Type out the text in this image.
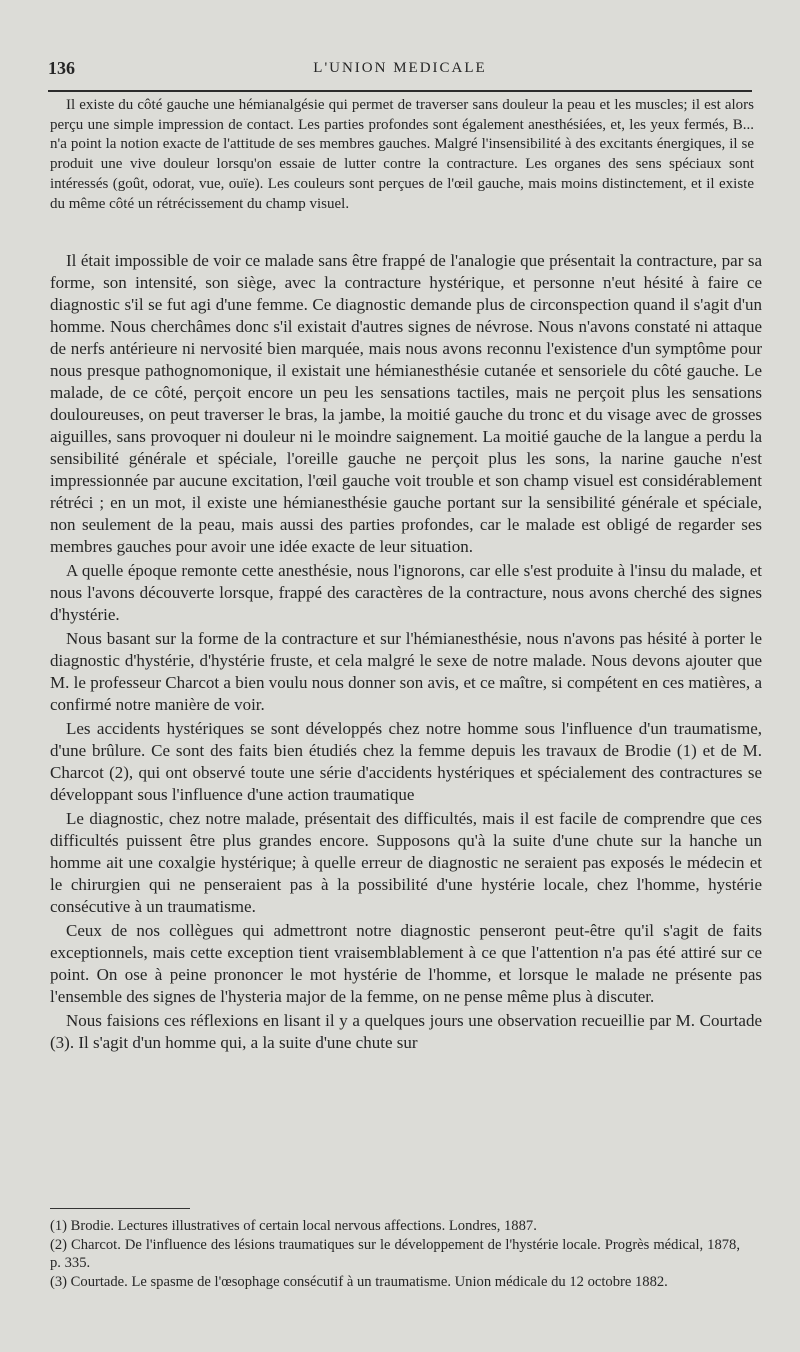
136	L'UNION MEDICALE

Il existe du côté gauche une hémianalgésie qui permet de traverser sans douleur la peau et les muscles; il est alors perçu une simple impression de contact. Les parties profondes sont également anesthésiées, et, les yeux fermés, B... n'a point la notion exacte de l'attitude de ses membres gauches. Malgré l'insensibilité à des excitants énergiques, il se produit une vive douleur lorsqu'on essaie de lutter contre la contracture. Les organes des sens spéciaux sont intéressés (goût, odorat, vue, ouïe). Les couleurs sont perçues de l'œil gauche, mais moins distinctement, et il existe du même côté un rétrécissement du champ visuel.

Il était impossible de voir ce malade sans être frappé de l'analogie que présentait la contracture, par sa forme, son intensité, son siège, avec la contracture hystérique, et personne n'eut hésité à faire ce diagnostic s'il se fut agi d'une femme. Ce diagnostic demande plus de circonspection quand il s'agit d'un homme. Nous cherchâmes donc s'il existait d'autres signes de névrose. Nous n'avons constaté ni attaque de nerfs antérieure ni nervosité bien marquée, mais nous avons reconnu l'existence d'un symptôme pour nous presque pathognomonique, il existait une hémianesthésie cutanée et sensoriele du côté gauche. Le malade, de ce côté, perçoit encore un peu les sensations tactiles, mais ne perçoit plus les sensations douloureuses, on peut traverser le bras, la jambe, la moitié gauche du tronc et du visage avec de grosses aiguilles, sans provoquer ni douleur ni le moindre saignement. La moitié gauche de la langue a perdu la sensibilité générale et spéciale, l'oreille gauche ne perçoit plus les sons, la narine gauche n'est impressionnée par aucune excitation, l'œil gauche voit trouble et son champ visuel est considérablement rétréci ; en un mot, il existe une hémianesthésie gauche portant sur la sensibilité générale et spéciale, non seulement de la peau, mais aussi des parties profondes, car le malade est obligé de regarder ses membres gauches pour avoir une idée exacte de leur situation.

A quelle époque remonte cette anesthésie, nous l'ignorons, car elle s'est produite à l'insu du malade, et nous l'avons découverte lorsque, frappé des caractères de la contracture, nous avons cherché des signes d'hystérie.

Nous basant sur la forme de la contracture et sur l'hémianesthésie, nous n'avons pas hésité à porter le diagnostic d'hystérie, d'hystérie fruste, et cela malgré le sexe de notre malade. Nous devons ajouter que M. le professeur Charcot a bien voulu nous donner son avis, et ce maître, si compétent en ces matières, a confirmé notre manière de voir.

Les accidents hystériques se sont développés chez notre homme sous l'influence d'un traumatisme, d'une brûlure. Ce sont des faits bien étudiés chez la femme depuis les travaux de Brodie (1) et de M. Charcot (2), qui ont observé toute une série d'accidents hystériques et spécialement des contractures se développant sous l'influence d'une action traumatique

Le diagnostic, chez notre malade, présentait des difficultés, mais il est facile de comprendre que ces difficultés puissent être plus grandes encore. Supposons qu'à la suite d'une chute sur la hanche un homme ait une coxalgie hystérique; à quelle erreur de diagnostic ne seraient pas exposés le médecin et le chirurgien qui ne penseraient pas à la possibilité d'une hystérie locale, chez l'homme, hystérie consécutive à un traumatisme.

Ceux de nos collègues qui admettront notre diagnostic penseront peut-être qu'il s'agit de faits exceptionnels, mais cette exception tient vraisemblablement à ce que l'attention n'a pas été attiré sur ce point. On ose à peine prononcer le mot hystérie de l'homme, et lorsque le malade ne présente pas l'ensemble des signes de l'hysteria major de la femme, on ne pense même plus à discuter.

Nous faisions ces réflexions en lisant il y a quelques jours une observation recueillie par M. Courtade (3). Il s'agit d'un homme qui, a la suite d'une chute sur

(1) Brodie. Lectures illustratives of certain local nervous affections. Londres, 1887.

(2) Charcot. De l'influence des lésions traumatiques sur le développement de l'hystérie locale. Progrès médical, 1878, p. 335.

(3) Courtade. Le spasme de l'œsophage consécutif à un traumatisme. Union médicale du 12 octobre 1882.
